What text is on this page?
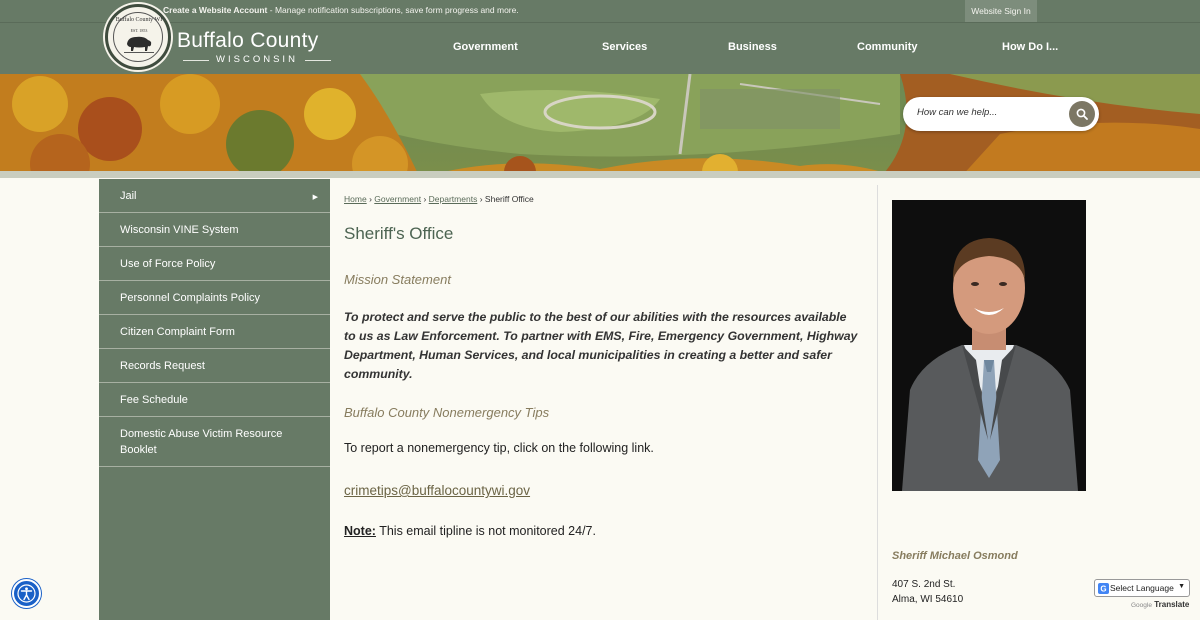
Create a Website Account - Manage notification subscriptions, save form progress and more.	Website Sign In
Buffalo County
WISCONSIN
Government	Services	Business	Community	How Do I...
Buffalo County WI
EST. 1853
How can we help...
Jail	▶
Wisconsin VINE System
Use of Force Policy
Personnel Complaints Policy
Citizen Complaint Form
Records Request
Fee Schedule
Domestic Abuse Victim Resource Booklet
Home › Government › Departments › Sheriff Office
Sheriff's Office
Mission Statement

To protect and serve the public to the best of our abilities with the resources available to us as Law Enforcement. To partner with EMS, Fire, Emergency Government, Highway Department, Human Services, and local municipalities in creating a better and safer community.

Buffalo County Nonemergency Tips

To report a nonemergency tip, click on the following link.

crimetips@buffalocountywi.gov

Note: This email tipline is not monitored 24/7.

Sheriff Michael Osmond
407 S. 2nd St.
Alma, WI 54610
G Select Language ▼
Google Translate
